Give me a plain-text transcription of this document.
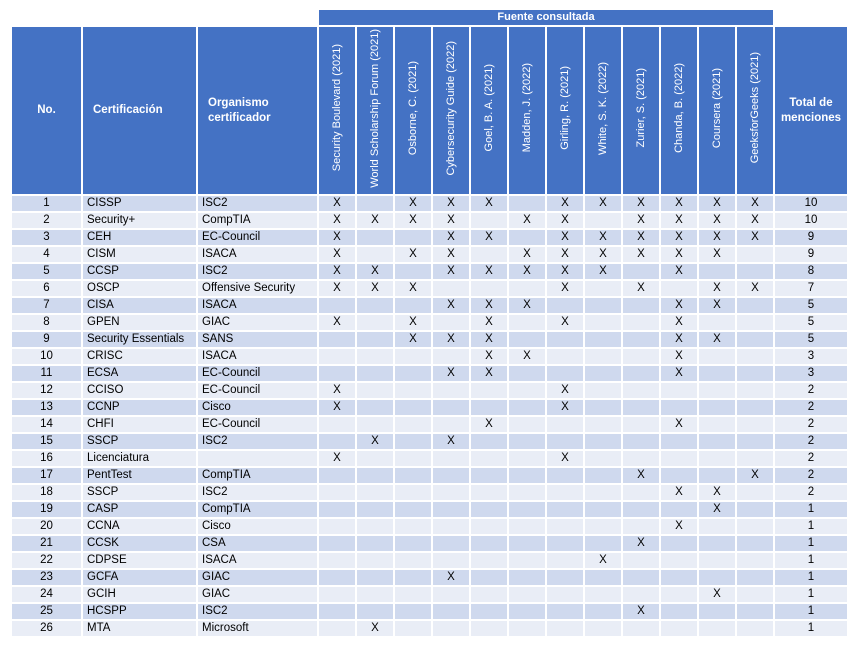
			Fuente consultada												
No.	Certificación	Organismo certificador	Security Boulevard (2021)	World Scholarship Forum (2021)	Osborne, C. (2021)	Cybersecurity Guide (2022)	Goel, B. A. (2021)	Madden, J. (2022)	Girling, R. (2021)	White, S. K. (2022)	Zurier, S. (2021)	Chanda, B. (2022)	Coursera (2021)	GeeksforGeeks (2021)	Total de menciones
1	CISSP	ISC2	X		X	X	X		X	X	X	X	X	X	10
2	Security+	CompTIA	X	X	X	X		X	X		X	X	X	X	10
3	CEH	EC-Council	X			X	X		X	X	X	X	X	X	9
4	CISM	ISACA	X		X	X		X	X	X	X	X	X		9
5	CCSP	ISC2	X	X		X	X	X	X	X		X			8
6	OSCP	Offensive Security	X	X	X				X		X		X	X	7
7	CISA	ISACA				X	X	X				X	X		5
8	GPEN	GIAC	X		X		X		X			X			5
9	Security Essentials	SANS			X	X	X					X	X		5
10	CRISC	ISACA					X	X				X			3
11	ECSA	EC-Council				X	X					X			3
12	CCISO	EC-Council	X						X						2
13	CCNP	Cisco	X						X						2
14	CHFI	EC-Council					X					X			2
15	SSCP	ISC2		X		X									2
16	Licenciatura		X						X						2
17	PentTest	CompTIA									X			X	2
18	SSCP	ISC2										X	X		2
19	CASP	CompTIA											X		1
20	CCNA	Cisco										X			1
21	CCSK	CSA									X				1
22	CDPSE	ISACA								X					1
23	GCFA	GIAC				X									1
24	GCIH	GIAC											X		1
25	HCSPP	ISC2									X				1
26	MTA	Microsoft		X											1
